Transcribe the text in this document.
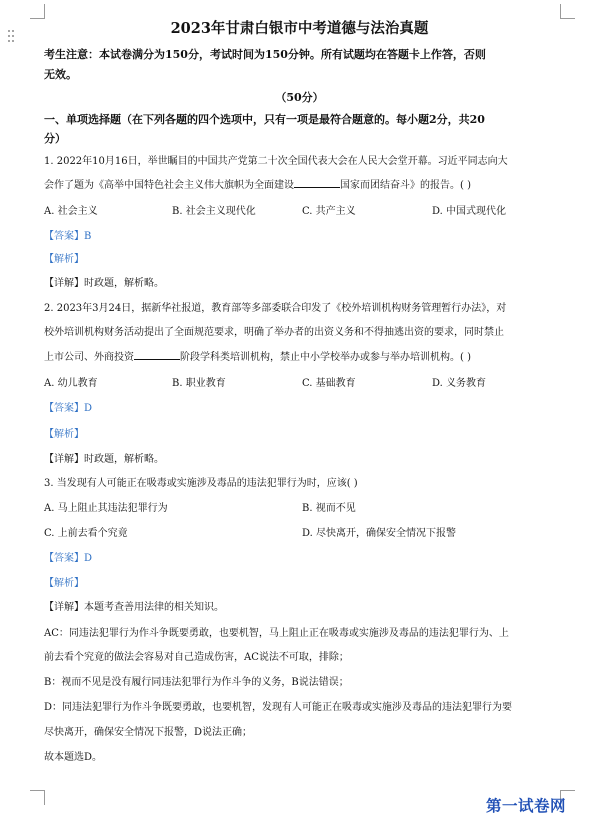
2023年甘肃白银市中考道德与法治真题
考生注意：本试卷满分为150分，考试时间为150分钟。所有试题均在答题卡上作答，否则
无效。
（50分）
一、单项选择题（在下列各题的四个选项中，只有一项是最符合题意的。每小题2分，共20
分）
1. 2022年10月16日，举世瞩目的中国共产党第二十次全国代表大会在人民大会堂开幕。习近平同志向大
会作了题为《高举中国特色社会主义伟大旗帜为全面建设	国家而团结奋斗》的报告。( )
A. 社会主义	B. 社会主义现代化	C. 共产主义	D. 中国式现代化
【答案】B
【解析】
【详解】时政题，解析略。
2. 2023年3月24日，据新华社报道，教育部等多部委联合印发了《校外培训机构财务管理暂行办法》，对
校外培训机构财务活动提出了全面规范要求，明确了举办者的出资义务和不得抽逃出资的要求，同时禁止
上市公司、外商投资	阶段学科类培训机构，禁止中小学校举办或参与举办培训机构。( )
A. 幼儿教育	B. 职业教育	C. 基础教育	D. 义务教育
【答案】D
【解析】
【详解】时政题，解析略。
3. 当发现有人可能正在吸毒或实施涉及毒品的违法犯罪行为时，应该( )
A. 马上阻止其违法犯罪行为	B. 视而不见
C. 上前去看个究竟	D. 尽快离开，确保安全情况下报警
【答案】D
【解析】
【详解】本题考查善用法律的相关知识。
AC：同违法犯罪行为作斗争既要勇敢，也要机智，马上阻止正在吸毒或实施涉及毒品的违法犯罪行为、上
前去看个究竟的做法会容易对自己造成伤害，AC说法不可取，排除；
B：视而不见是没有履行同违法犯罪行为作斗争的义务，B说法错误；
D：同违法犯罪行为作斗争既要勇敢，也要机智，发现有人可能正在吸毒或实施涉及毒品的违法犯罪行为要
尽快离开，确保安全情况下报警，D说法正确；
故本题选D。
第一试卷网
